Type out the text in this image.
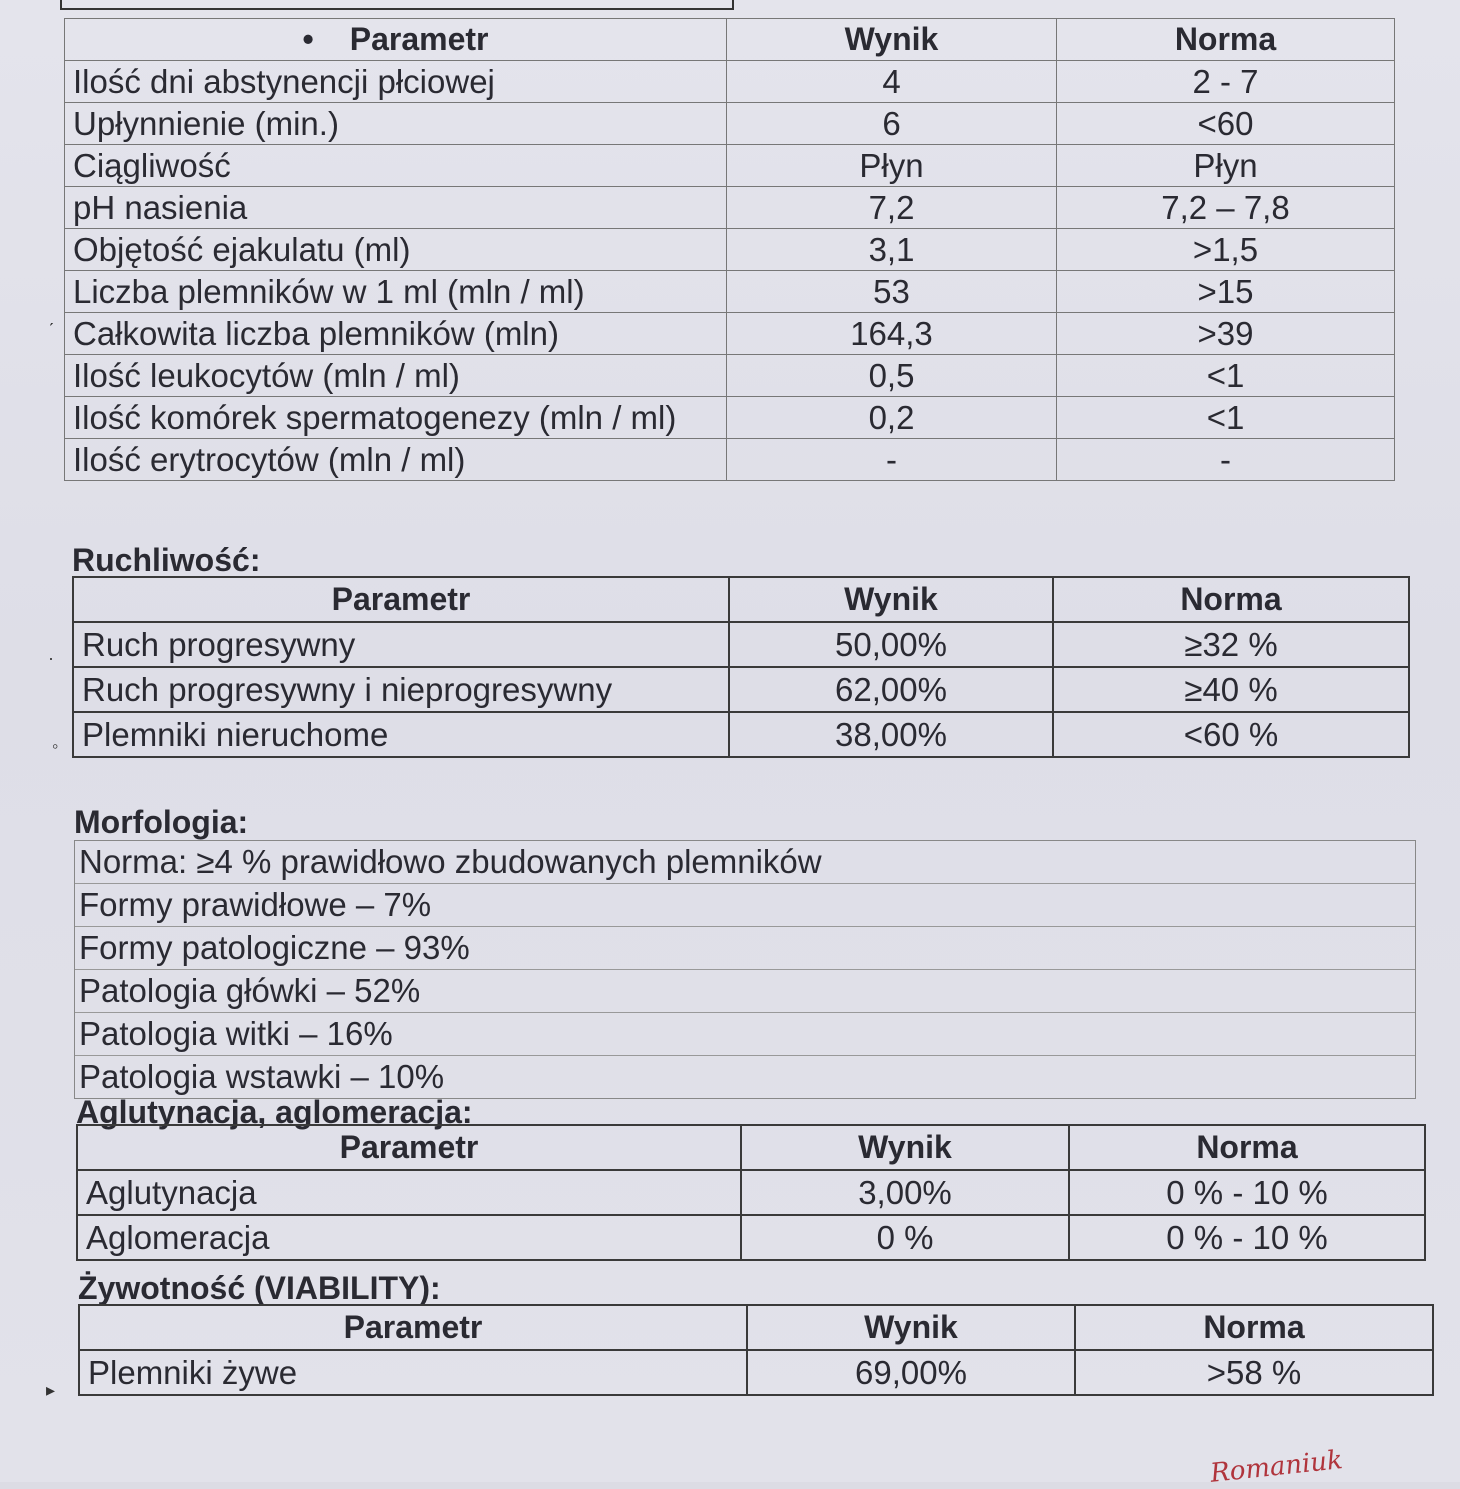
• Parametr	Wynik	Norma
Ilość dni abstynencji płciowej	4	2 - 7
Upłynnienie (min.)	6	<60
Ciągliwość	Płyn	Płyn
pH nasienia	7,2	7,2 – 7,8
Objętość ejakulatu (ml)	3,1	>1,5
Liczba plemników w 1 ml (mln / ml)	53	>15
Całkowita liczba plemników (mln)	164,3	>39
Ilość leukocytów (mln / ml)	0,5	<1
Ilość komórek spermatogenezy (mln / ml)	0,2	<1
Ilość erytrocytów (mln / ml)	-	-
Ruchliwość:
Parametr	Wynik	Norma
Ruch progresywny	50,00%	≥32 %
Ruch progresywny i nieprogresywny	62,00%	≥40 %
Plemniki nieruchome	38,00%	<60 %
Morfologia:
Norma: ≥4 % prawidłowo zbudowanych plemników
Formy prawidłowe – 7%
Formy patologiczne – 93%
Patologia główki – 52%
Patologia witki – 16%
Patologia wstawki – 10%
Aglutynacja, aglomeracja:
Parametr	Wynik	Norma
Aglutynacja	3,00%	0 % - 10 %
Aglomeracja	0 %	0 % - 10 %
Żywotność (VIABILITY):
Parametr	Wynik	Norma
Plemniki żywe	69,00%	>58 %
ˏ
·
◦
▸
Romaniuk
